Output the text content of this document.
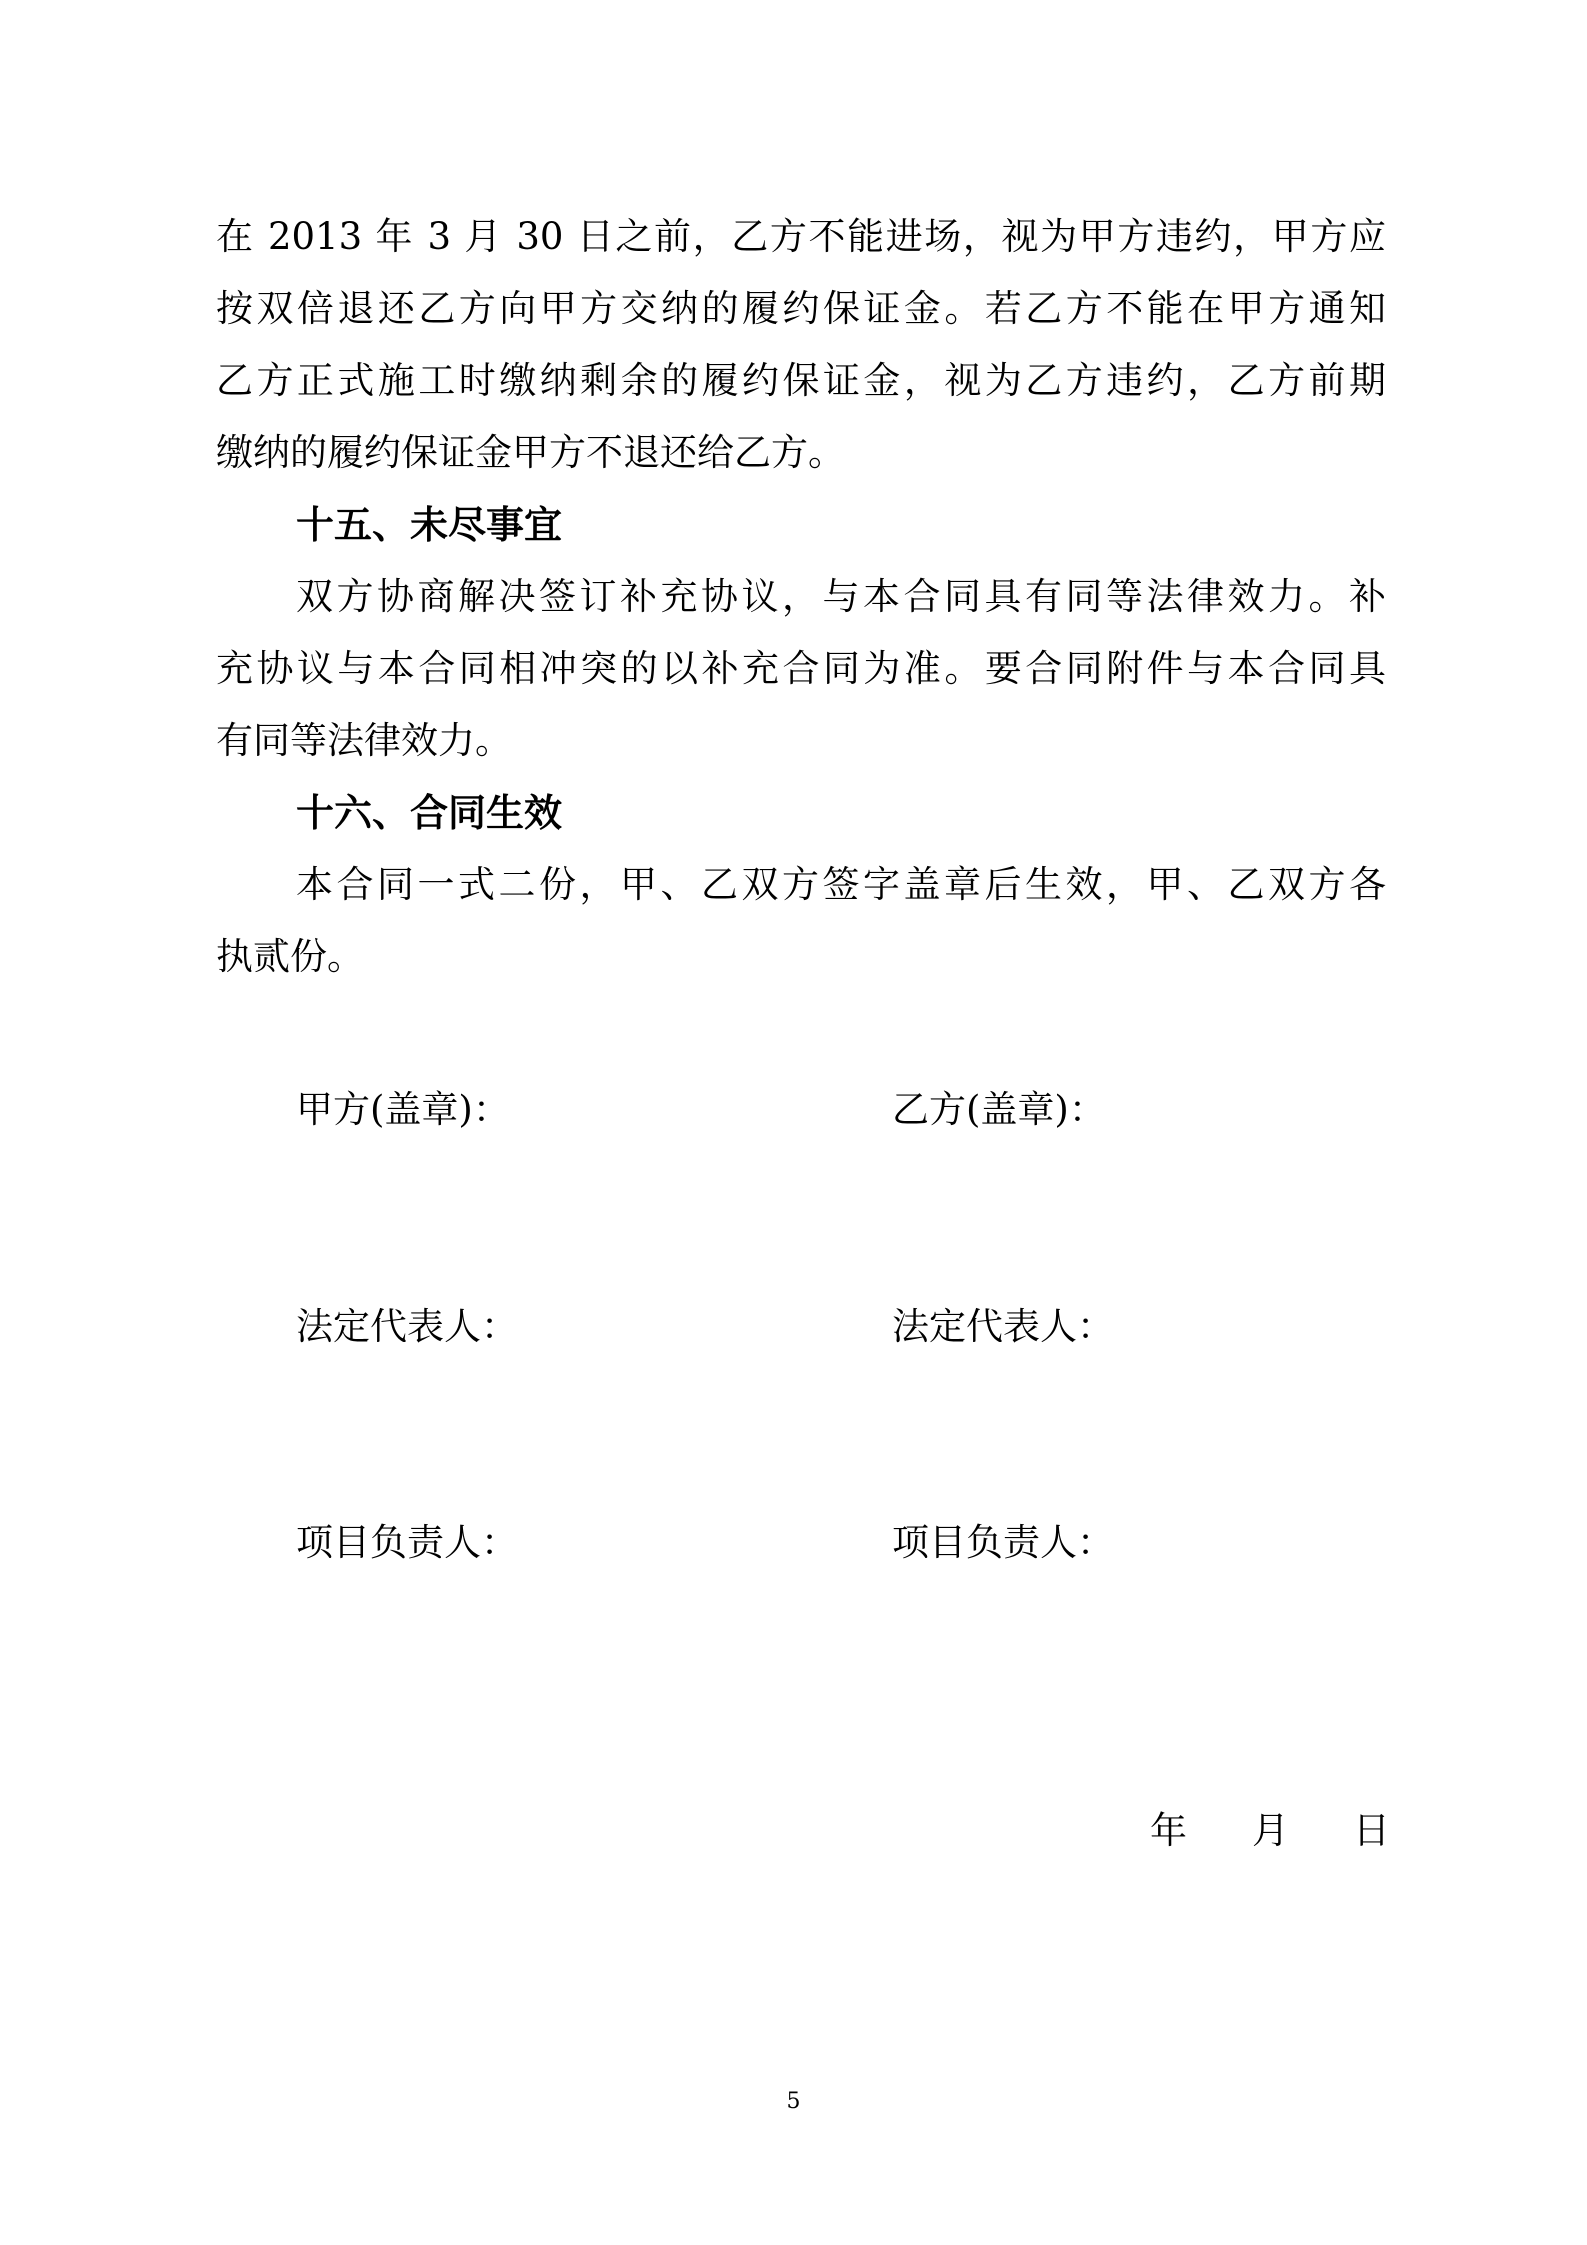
在 2013 年 3 月 30 日之前，乙方不能进场，视为甲方违约，甲方应
按双倍退还乙方向甲方交纳的履约保证金。若乙方不能在甲方通知
乙方正式施工时缴纳剩余的履约保证金，视为乙方违约，乙方前期
缴纳的履约保证金甲方不退还给乙方。
十五、未尽事宜
双方协商解决签订补充协议，与本合同具有同等法律效力。补
充协议与本合同相冲突的以补充合同为准。要合同附件与本合同具
有同等法律效力。
十六、合同生效
本合同一式二份，甲、乙双方签字盖章后生效，甲、乙双方各
执贰份。
甲方(盖章)：	乙方(盖章)：
法定代表人：	法定代表人：
项目负责人：	项目负责人：
年 月 日
5
